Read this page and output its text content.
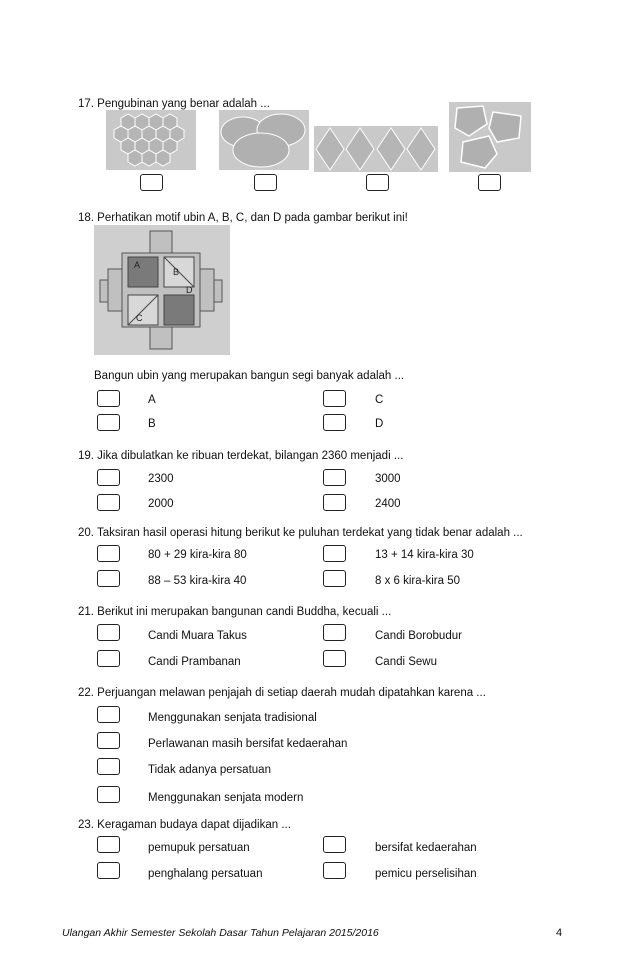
17. Pengubinan yang benar adalah ...
18. Perhatikan motif ubin A, B, C, dan D pada gambar berikut ini!
A
B
C
D
Bangun ubin yang merupakan bangun segi banyak adalah ...
A	C
B	D
19. Jika dibulatkan ke ribuan terdekat, bilangan 2360 menjadi ...
2300	3000
2000	2400
20. Taksiran hasil operasi hitung berikut ke puluhan terdekat yang tidak benar adalah ...
80 + 29 kira-kira 80	13 + 14 kira-kira 30
88 – 53 kira-kira 40	8 x 6 kira-kira 50
21. Berikut ini merupakan bangunan candi Buddha, kecuali ...
Candi Muara Takus	Candi Borobudur
Candi Prambanan	Candi Sewu
22. Perjuangan melawan penjajah di setiap daerah mudah dipatahkan karena ...
Menggunakan senjata tradisional
Perlawanan masih bersifat kedaerahan
Tidak adanya persatuan
Menggunakan senjata modern
23. Keragaman budaya dapat dijadikan ...
pemupuk persatuan	bersifat kedaerahan
penghalang persatuan	pemicu perselisihan
Ulangan Akhir Semester Sekolah Dasar Tahun Pelajaran 2015/2016	4
